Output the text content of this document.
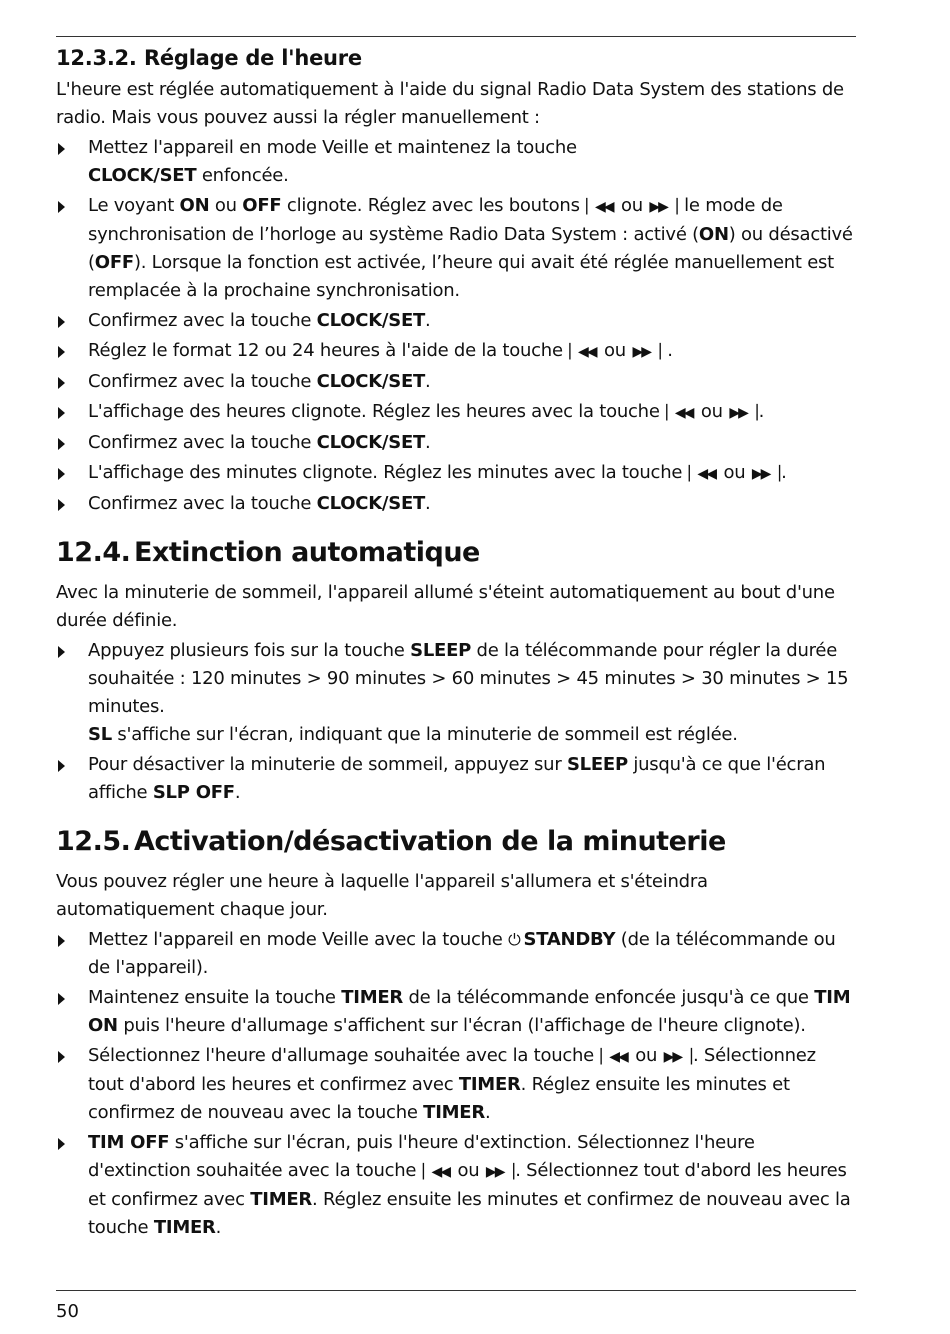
12.3.2. Réglage de l'heure

L'heure est réglée automatiquement à l'aide du signal Radio Data System des stations de radio. Mais vous pouvez aussi la régler manuellement :

Mettez l'appareil en mode Veille et maintenez la touche
CLOCK/SET enfoncée.
Le voyant ON ou OFF clignote. Réglez avec les boutons ▏◀◀ ou ▶▶▕ le mode de synchronisation de l’horloge au système Radio Data System : activé (ON) ou désactivé (OFF). Lorsque la fonction est activée, l’heure qui avait été réglée manuellement est remplacée à la prochaine synchronisation.
Confirmez avec la touche CLOCK/SET.
Réglez le format 12 ou 24 heures à l'aide de la touche ▏◀◀ ou ▶▶▕ .
Confirmez avec la touche CLOCK/SET.
L'affichage des heures clignote. Réglez les heures avec la touche ▏◀◀ ou ▶▶▕ .
Confirmez avec la touche CLOCK/SET.
L'affichage des minutes clignote. Réglez les minutes avec la touche ▏◀◀ ou ▶▶▕ .
Confirmez avec la touche CLOCK/SET.
12.4. Extinction automatique

Avec la minuterie de sommeil, l'appareil allumé s'éteint automatiquement au bout d'une durée définie.

Appuyez plusieurs fois sur la touche SLEEP de la télécommande pour régler la durée souhaitée : 120 minutes > 90 minutes > 60 minutes > 45 minutes > 30 minutes > 15 minutes.
SL s'affiche sur l'écran, indiquant que la minuterie de sommeil est réglée.
Pour désactiver la minuterie de sommeil, appuyez sur SLEEP jusqu'à ce que l'écran affiche SLP OFF.
12.5. Activation/désactivation de la minuterie

Vous pouvez régler une heure à laquelle l'appareil s'allumera et s'éteindra automatiquement chaque jour.

Mettez l'appareil en mode Veille avec la touche ⏻ STANDBY (de la télécommande ou de l'appareil).
Maintenez ensuite la touche TIMER de la télécommande enfoncée jusqu'à ce que TIM ON puis l'heure d'allumage s'affichent sur l'écran (l'affichage de l'heure clignote).
Sélectionnez l'heure d'allumage souhaitée avec la touche ▏◀◀ ou ▶▶▕ . Sélectionnez tout d'abord les heures et confirmez avec TIMER. Réglez ensuite les minutes et confirmez de nouveau avec la touche TIMER.
TIM OFF s'affiche sur l'écran, puis l'heure d'extinction. Sélectionnez l'heure d'extinction souhaitée avec la touche ▏◀◀ ou ▶▶▕ . Sélectionnez tout d'abord les heures et confirmez avec TIMER. Réglez ensuite les minutes et confirmez de nouveau avec la touche TIMER.
50
